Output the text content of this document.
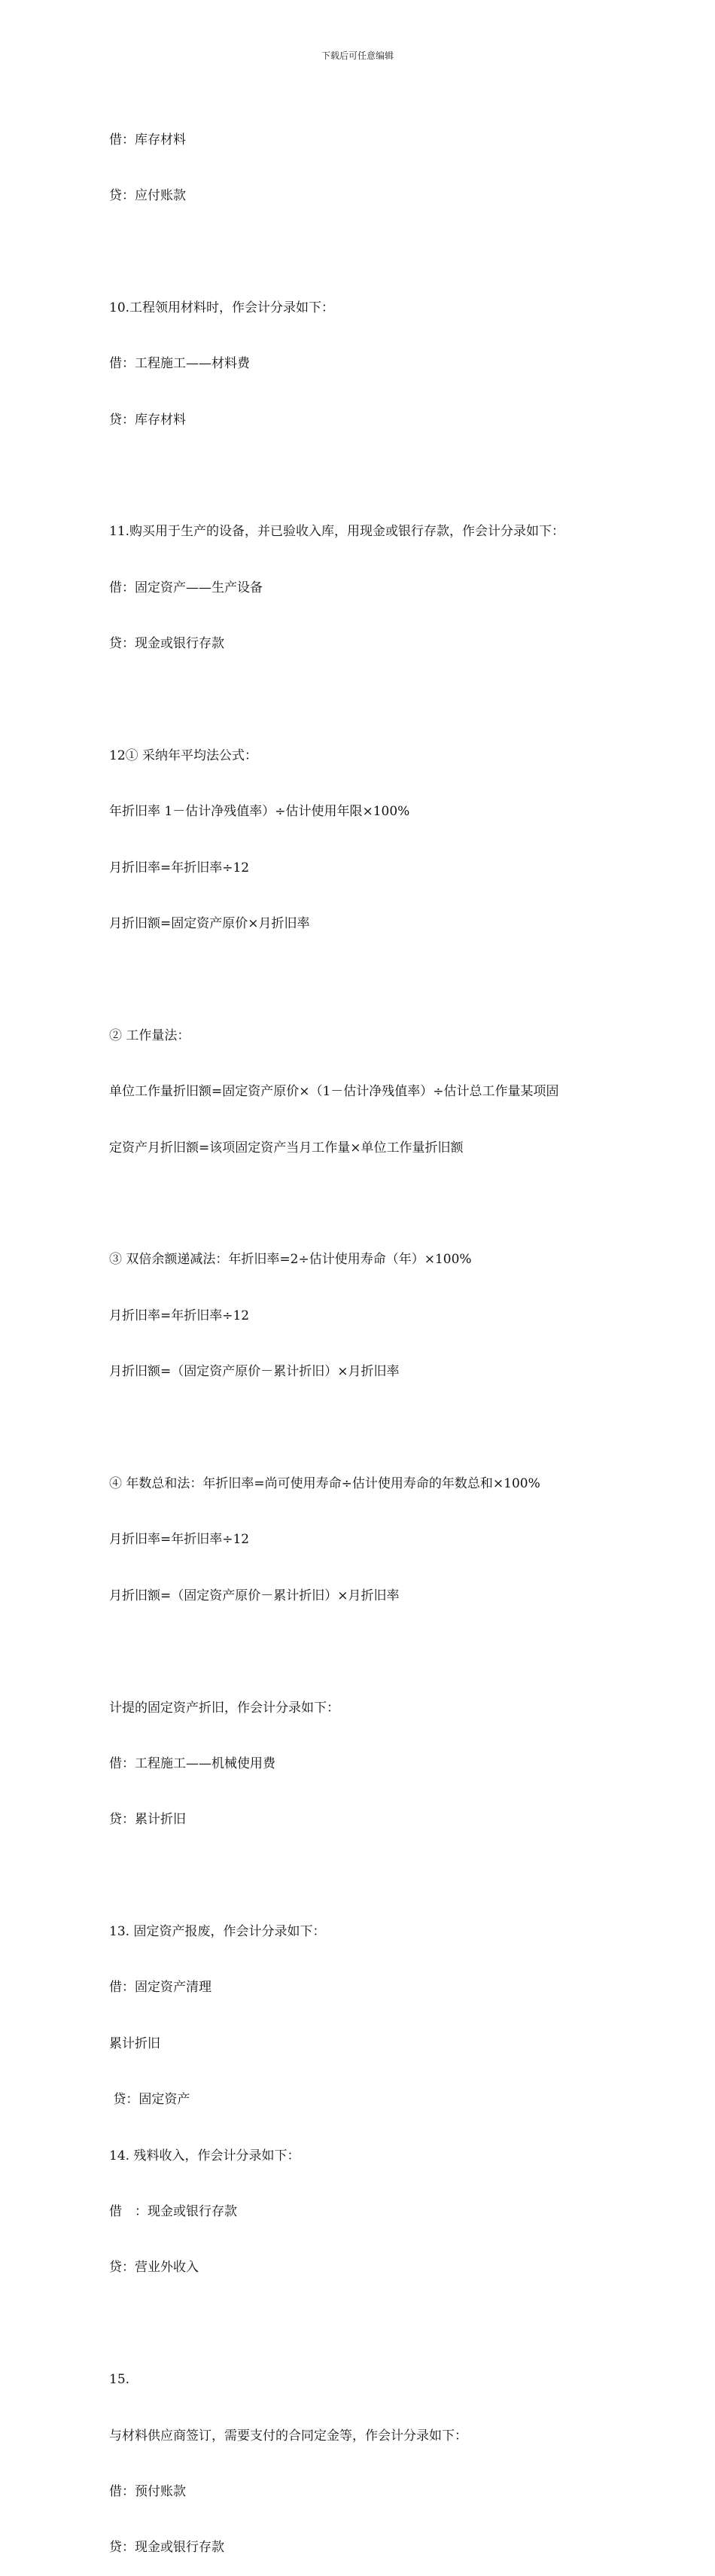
下载后可任意编辑

借：库存材料

贷：应付账款

10.工程领用材料时，作会计分录如下：

借：工程施工——材料费

贷：库存材料

11.购买用于生产的设备，并已验收入库，用现金或银行存款，作会计分录如下：

借：固定资产——生产设备

贷：现金或银行存款

12① 采纳年平均法公式：

年折旧率 1－估计净残值率）÷估计使用年限×100%

月折旧率=年折旧率÷12

月折旧额=固定资产原价×月折旧率

② 工作量法：

单位工作量折旧额=固定资产原价×（1－估计净残值率）÷估计总工作量某项固

定资产月折旧额=该项固定资产当月工作量×单位工作量折旧额

③ 双倍余额递减法：年折旧率=2÷估计使用寿命（年）×100%

月折旧率=年折旧率÷12

月折旧额=（固定资产原价－累计折旧）×月折旧率

④ 年数总和法：年折旧率=尚可使用寿命÷估计使用寿命的年数总和×100%

月折旧率=年折旧率÷12

月折旧额=（固定资产原价－累计折旧）×月折旧率

计提的固定资产折旧，作会计分录如下：

借：工程施工——机械使用费

贷：累计折旧

13. 固定资产报废，作会计分录如下：

借：固定资产清理

累计折旧

贷：固定资产

14. 残料收入，作会计分录如下：

借　：现金或银行存款

贷：营业外收入

15.

与材料供应商签订，需要支付的合同定金等，作会计分录如下：

借：预付账款

贷：现金或银行存款
